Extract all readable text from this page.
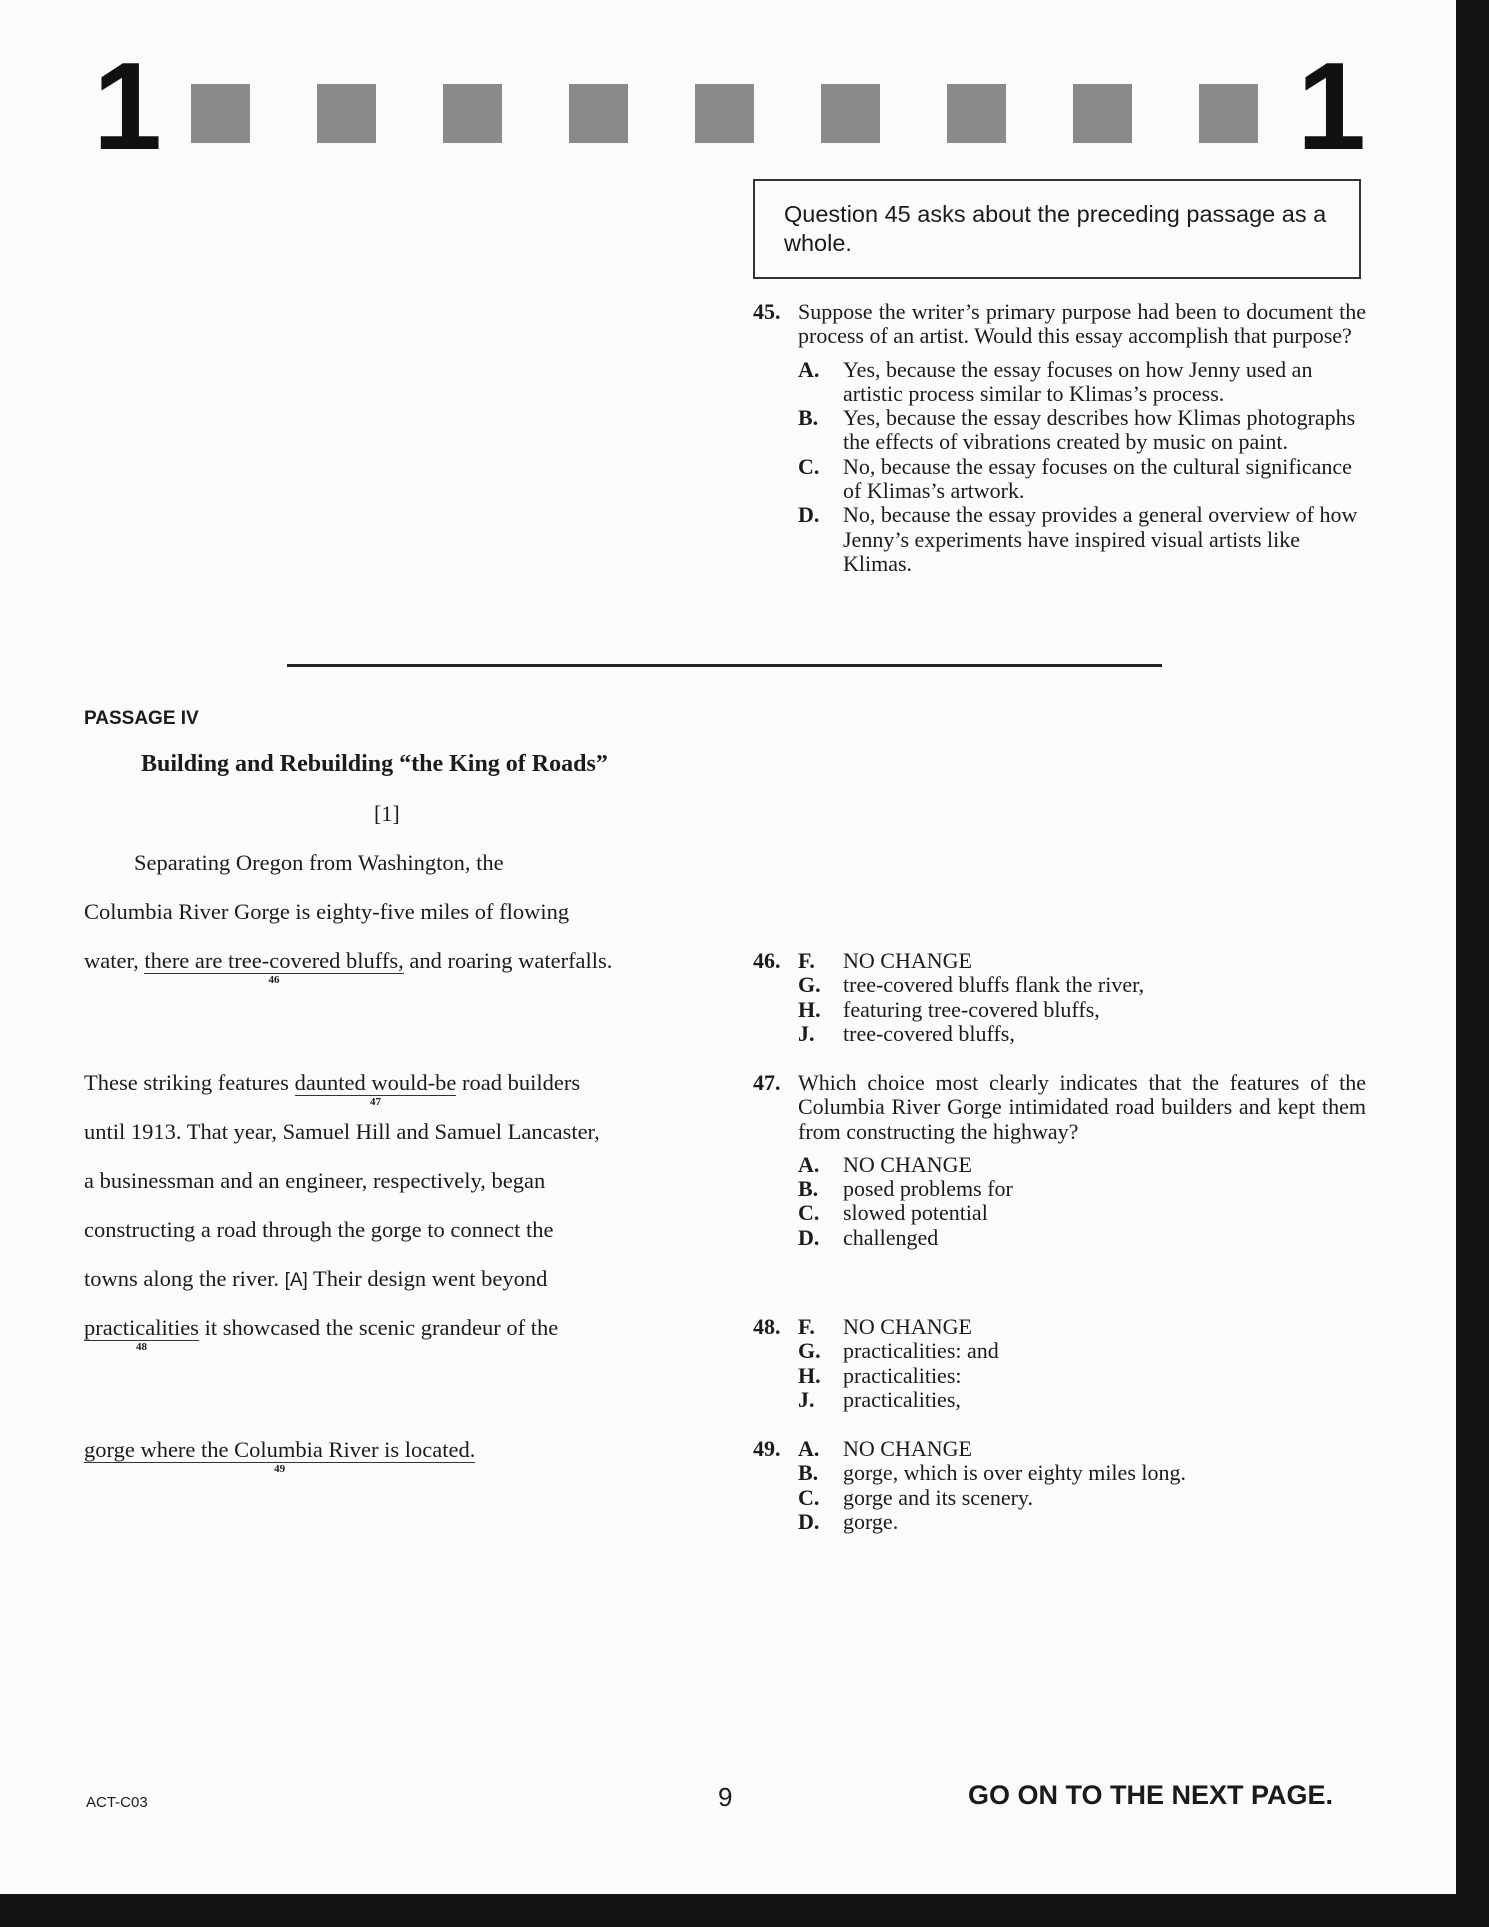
1	1
Question 45 asks about the preceding passage as a whole.
45. Suppose the writer’s primary purpose had been to document the process of an artist. Would this essay accomplish that purpose?
A. Yes, because the essay focuses on how Jenny used an artistic process similar to Klimas’s process.
B. Yes, because the essay describes how Klimas photographs the effects of vibrations created by music on paint.
C. No, because the essay focuses on the cultural significance of Klimas’s artwork.
D. No, because the essay provides a general overview of how Jenny’s experiments have inspired visual artists like Klimas.
PASSAGE IV
Building and Rebuilding “the King of Roads”
[1]
Separating Oregon from Washington, the
Columbia River Gorge is eighty-five miles of flowing
water, there are tree-covered bluffs,
46
and roaring waterfalls.
These striking features daunted would-be
47
road builders
until 1913. That year, Samuel Hill and Samuel Lancaster,
a businessman and an engineer, respectively, began
constructing a road through the gorge to connect the
towns along the river. [A] Their design went beyond
practicalities
48
it showcased the scenic grandeur of the
gorge where the Columbia River is located.
49
46. F. NO CHANGE
G. tree-covered bluffs flank the river,
H. featuring tree-covered bluffs,
J. tree-covered bluffs,
47. Which choice most clearly indicates that the features of the Columbia River Gorge intimidated road builders and kept them from constructing the highway?
A. NO CHANGE
B. posed problems for
C. slowed potential
D. challenged
48. F. NO CHANGE
G. practicalities: and
H. practicalities:
J. practicalities,
49. A. NO CHANGE
B. gorge, which is over eighty miles long.
C. gorge and its scenery.
D. gorge.
ACT-C03	9	GO ON TO THE NEXT PAGE.
